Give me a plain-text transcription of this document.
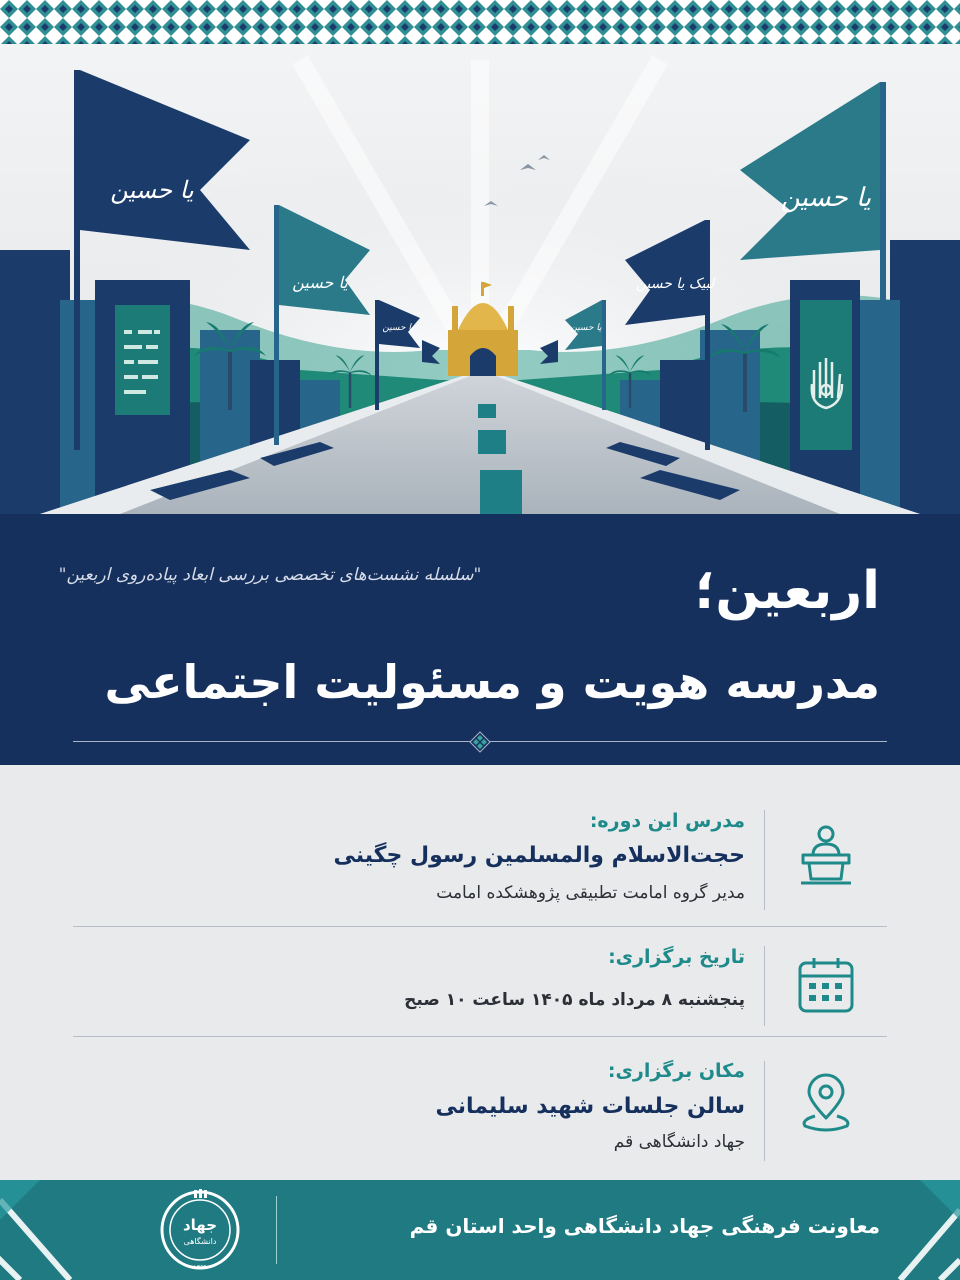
یا حسین
یا حسین
یا حسین
لبیک یا حسین
یا حسین
یا حسین
"سلسله نشست‌های تخصصی بررسی ابعاد پیاده‌روی اربعین"	اربعین؛
مدرسه هویت و مسئولیت اجتماعی
مدرس این دوره:
حجت‌الاسلام والمسلمین رسول چگینی
مدیر گروه امامت تطبیقی پژوهشکده امامت
تاریخ برگزاری:
پنجشنبه ۸ مرداد ماه ۱۴۰۵ ساعت ۱۰ صبح
مکان برگزاری:
سالن جلسات شهید سلیمانی
جهاد دانشگاهی قم
معاونت فرهنگی جهاد دانشگاهی واحد استان قم
جهاد
دانشگاهی
۱۳۵۹
